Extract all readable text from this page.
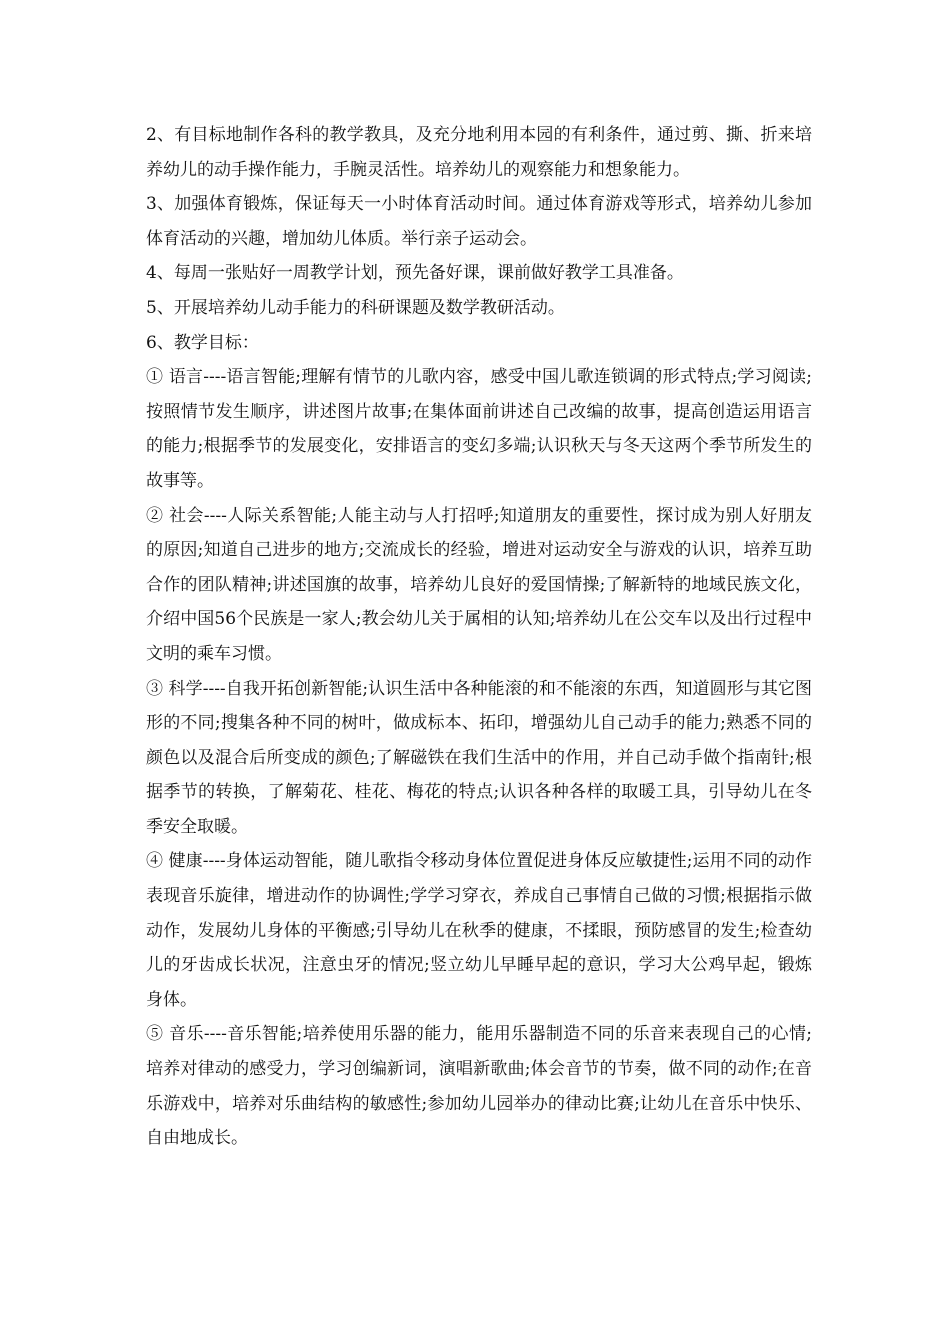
2、有目标地制作各科的教学教具，及充分地利用本园的有利条件，通过剪、撕、折来培养幼儿的动手操作能力，手腕灵活性。培养幼儿的观察能力和想象能力。

3、加强体育锻炼，保证每天一小时体育活动时间。通过体育游戏等形式，培养幼儿参加体育活动的兴趣，增加幼儿体质。举行亲子运动会。

4、每周一张贴好一周教学计划，预先备好课，课前做好教学工具准备。

5、开展培养幼儿动手能力的科研课题及数学教研活动。

6、教学目标：

① 语言----语言智能;理解有情节的儿歌内容，感受中国儿歌连锁调的形式特点;学习阅读;按照情节发生顺序，讲述图片故事;在集体面前讲述自己改编的故事，提高创造运用语言的能力;根据季节的发展变化，安排语言的变幻多端;认识秋天与冬天这两个季节所发生的故事等。

② 社会----人际关系智能;人能主动与人打招呼;知道朋友的重要性，探讨成为别人好朋友的原因;知道自己进步的地方;交流成长的经验，增进对运动安全与游戏的认识，培养互助合作的团队精神;讲述国旗的故事，培养幼儿良好的爱国情操;了解新特的地域民族文化，介绍中国56个民族是一家人;教会幼儿关于属相的认知;培养幼儿在公交车以及出行过程中文明的乘车习惯。

③ 科学----自我开拓创新智能;认识生活中各种能滚的和不能滚的东西，知道圆形与其它图形的不同;搜集各种不同的树叶，做成标本、拓印，增强幼儿自己动手的能力;熟悉不同的颜色以及混合后所变成的颜色;了解磁铁在我们生活中的作用，并自己动手做个指南针;根据季节的转换，了解菊花、桂花、梅花的特点;认识各种各样的取暖工具，引导幼儿在冬季安全取暖。

④ 健康----身体运动智能，随儿歌指令移动身体位置促进身体反应敏捷性;运用不同的动作表现音乐旋律，增进动作的协调性;学学习穿衣，养成自己事情自己做的习惯;根据指示做动作，发展幼儿身体的平衡感;引导幼儿在秋季的健康，不揉眼，预防感冒的发生;检查幼儿的牙齿成长状况，注意虫牙的情况;竖立幼儿早睡早起的意识，学习大公鸡早起，锻炼身体。

⑤ 音乐----音乐智能;培养使用乐器的能力，能用乐器制造不同的乐音来表现自己的心情;培养对律动的感受力，学习创编新词，演唱新歌曲;体会音节的节奏，做不同的动作;在音乐游戏中，培养对乐曲结构的敏感性;参加幼儿园举办的律动比赛;让幼儿在音乐中快乐、自由地成长。
